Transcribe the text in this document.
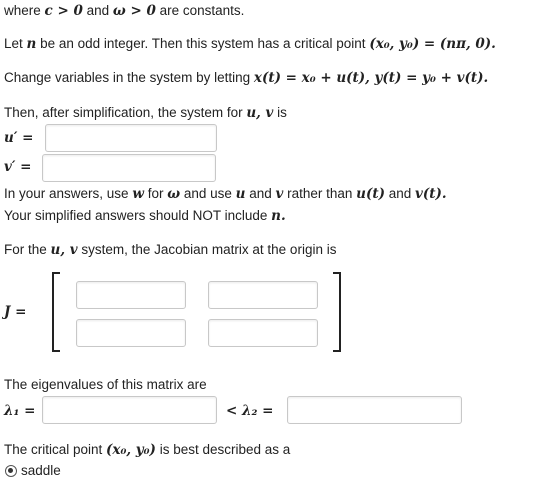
where c > 0 and ω > 0 are constants.
Let n be an odd integer. Then this system has a critical point (x₀, y₀) = (nπ, 0).
Change variables in the system by letting x(t) = x₀ + u(t), y(t) = y₀ + v(t).
Then, after simplification, the system for u, v is
u′ =
v′ =
In your answers, use w for ω and use u and v rather than u(t) and v(t).
Your simplified answers should NOT include n.
For the u, v system, the Jacobian matrix at the origin is
J =
The eigenvalues of this matrix are
λ₁ =	< λ₂ =
The critical point (x₀, y₀) is best described as a
saddle
